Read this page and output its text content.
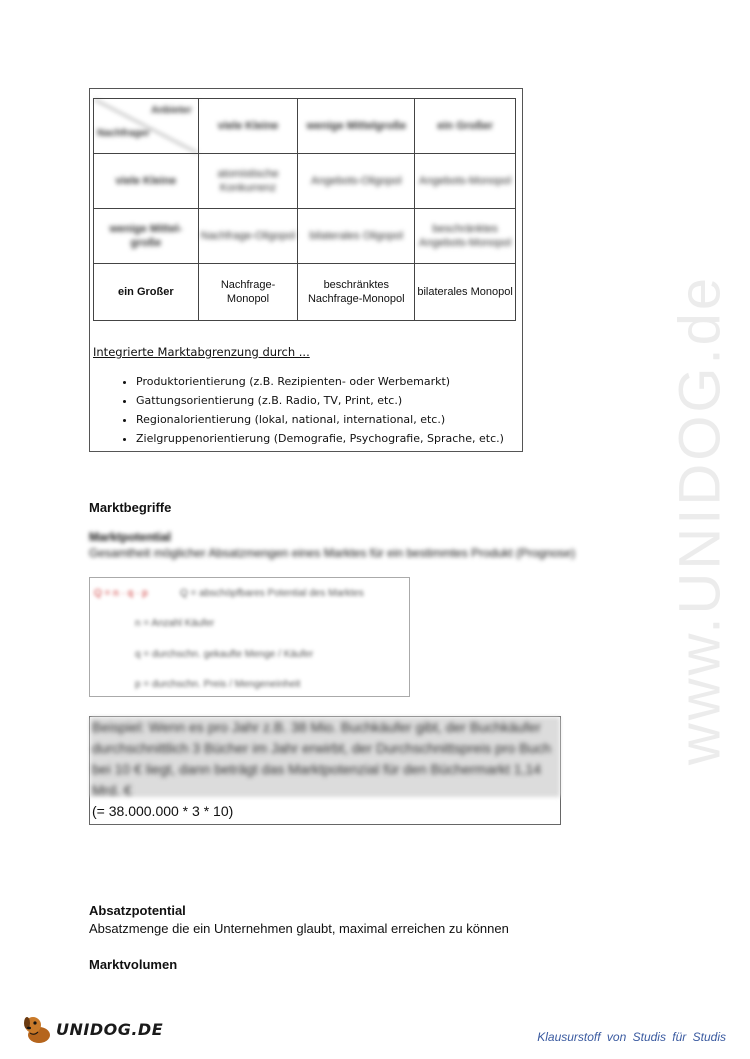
www.UNIDOG.de
Anbieter
Nachfrager	viele Kleine	wenige Mittelgroße	ein Großer
viele Kleine	atomistische Konkurrenz	Angebots-Oligopol	Angebots-Monopol
wenige Mittel-große	Nachfrage-Oligopol	bilaterales Oligopol	beschränktes Angebots-Monopol
ein Großer	Nachfrage-Monopol	beschränktes Nachfrage-Monopol	bilaterales Monopol
Integrierte Marktabgrenzung durch ...
• Produktorientierung (z.B. Rezipienten- oder Werbemarkt)
• Gattungsorientierung (z.B. Radio, TV, Print, etc.)
• Regionalorientierung (lokal, national, international, etc.)
• Zielgruppenorientierung (Demografie, Psychografie, Sprache, etc.)
Marktbegriffe
Marktpotential
Gesamtheit möglicher Absatzmengen eines Marktes für ein bestimmtes Produkt (Prognose)
Q = n · q · p	Q = abschöpfbares Potential des Marktes
n = Anzahl Käufer
q = durchschn. gekaufte Menge / Käufer
p = durchschn. Preis / Mengeneinheit
Beispiel: Wenn es pro Jahr z.B. 38 Mio. Buchkäufer gibt, der Buchkäufer durchschnittlich 3 Bücher im Jahr erwirbt, der Durchschnittspreis pro Buch bei 10 € liegt, dann beträgt das Marktpotenzial für den Büchermarkt 1,14 Mrd. €
(= 38.000.000 * 3 * 10)
Absatzpotential
Absatzmenge die ein Unternehmen glaubt, maximal erreichen zu können
Marktvolumen
UNIDOG.DE	Klausurstoff von Studis für Studis
